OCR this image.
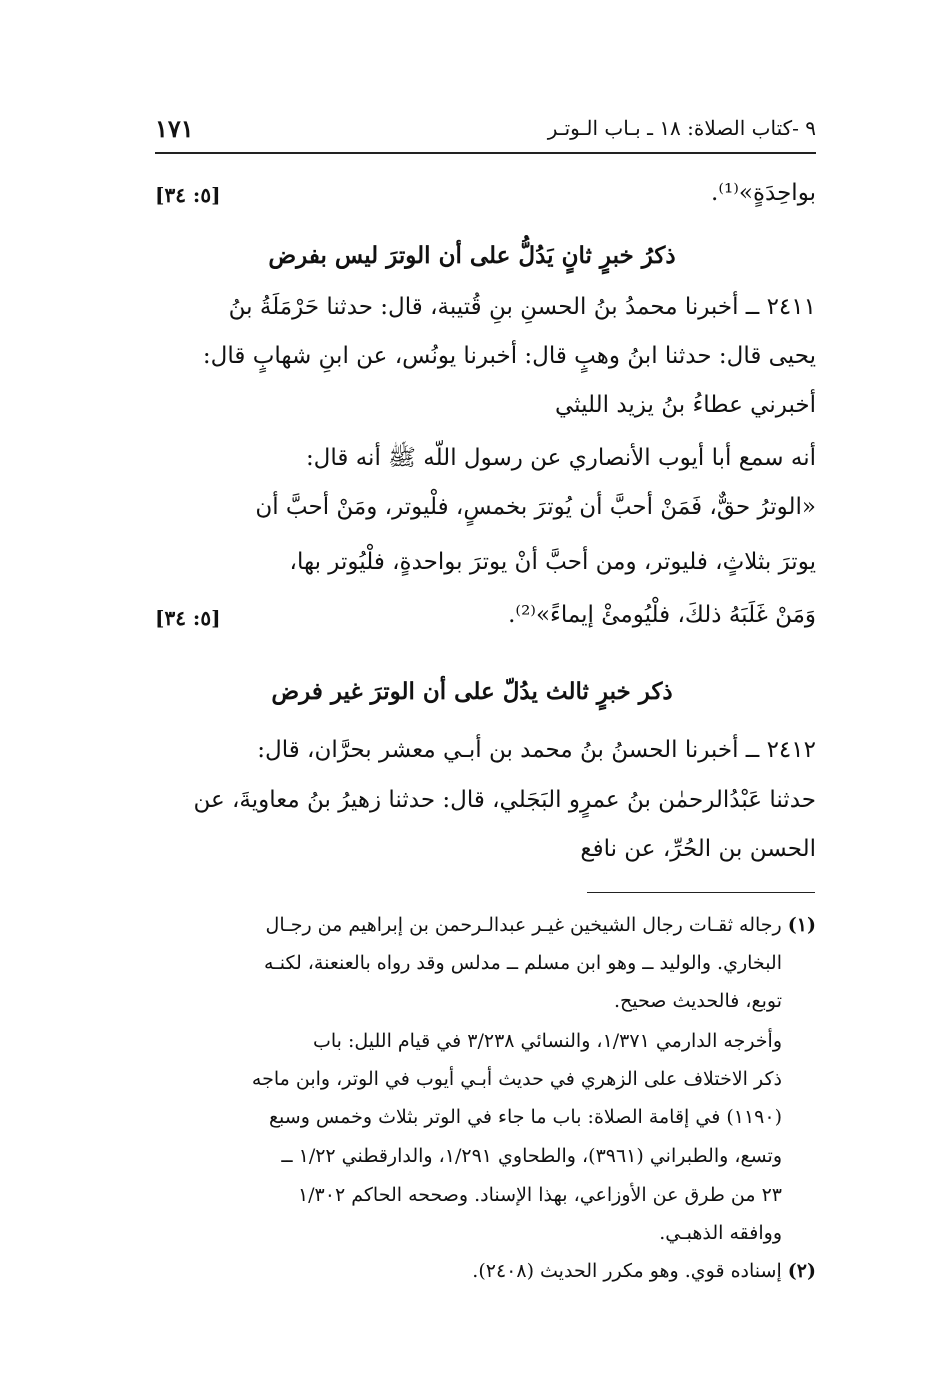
١٧١	٩ -كتاب الصلاة: ١٨ ـ بـاب الـوتـر
بواحِدَةٍ»⁽¹⁾.
[٥: ٣٤]
ذكرُ خبرٍ ثانٍ يَدُلُّ على أن الوترَ ليس بفرض
٢٤١١ ــ أخبرنا محمدُ بنُ الحسنِ بنِ قُتيبة، قال: حدثنا حَرْمَلَةُ بنُ
يحيى قال: حدثنا ابنُ وهبٍ قال: أخبرنا يونُس، عن ابنِ شهابٍ قال:
أخبرني عطاءُ بنُ يزيد الليثي
أنه سمع أبا أيوب الأنصاري عن رسول اللّه ﷺ أنه قال:
«الوترُ حقٌّ، فَمَنْ أحبَّ أن يُوترَ بخمسٍ، فلْيوتر، ومَنْ أحبَّ أن
يوترَ بثلاثٍ، فليوتر، ومن أحبَّ أنْ يوترَ بواحدةٍ، فلْيُوتر بها،
وَمَنْ غَلَبَهُ ذلكَ، فلْيُومئْ إيماءً»⁽²⁾.
[٥: ٣٤]
ذكر خبرٍ ثالث يدُلّ على أن الوترَ غير فرض
٢٤١٢ ــ أخبرنا الحسنُ بنُ محمد بن أبـي معشر بحرَّان، قال:
حدثنا عَبْدُالرحمٰن بنُ عمرٍو البَجَلي، قال: حدثنا زهيرُ بنُ معاويةَ، عن
الحسن بن الحُرِّ، عن نافع
(١) رجاله ثقـات رجال الشيخين غيـر عبدالـرحمن بن إبراهيم من رجـال
البخاري. والوليد ــ وهو ابن مسلم ــ مدلس وقد رواه بالعنعنة، لكنـه
توبع، فالحديث صحيح.
وأخرجه الدارمي ١/٣٧١، والنسائي ٣/٢٣٨ في قيام الليل: باب
ذكر الاختلاف على الزهري في حديث أبـي أيوب في الوتر، وابن ماجه
(١١٩٠) في إقامة الصلاة: باب ما جاء في الوتر بثلاث وخمس وسبع
وتسع، والطبراني (٣٩٦١)، والطحاوي ١/٢٩١، والدارقطني ١/٢٢ ــ
٢٣ من طرق عن الأوزاعي، بهذا الإسناد. وصححه الحاكم ١/٣٠٢
ووافقه الذهبـي.
(٢) إسناده قوي. وهو مكرر الحديث (٢٤٠٨).
